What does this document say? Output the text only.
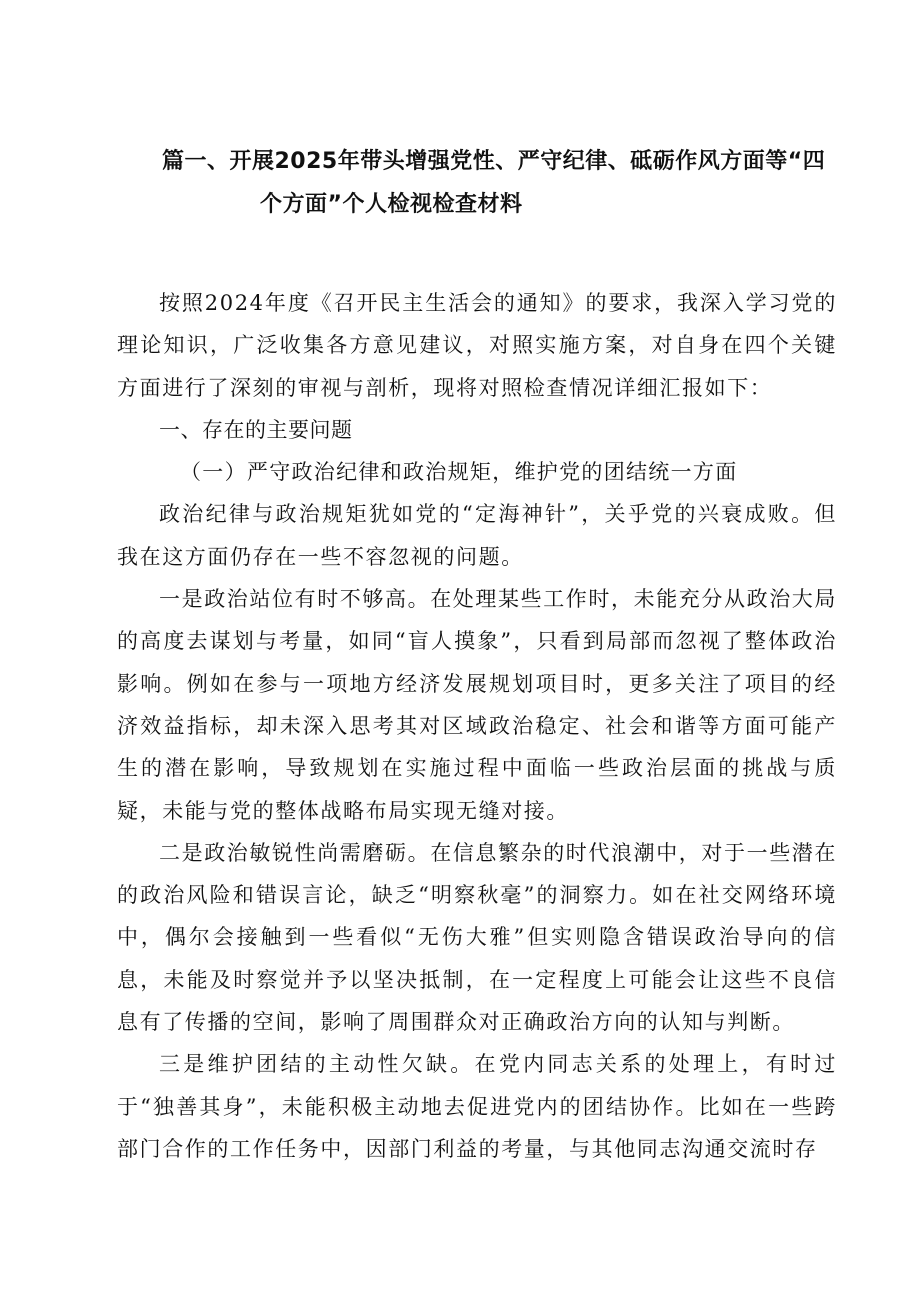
篇一、开展2025年带头增强党性、严守纪律、砥砺作风方面等“四
个方面”个人检视检查材料

按照2024年度《召开民主生活会的通知》的要求，我深入学习党的理论知识，广泛收集各方意见建议，对照实施方案，对自身在四个关键方面进行了深刻的审视与剖析，现将对照检查情况详细汇报如下：

一、存在的主要问题

（一）严守政治纪律和政治规矩，维护党的团结统一方面

政治纪律与政治规矩犹如党的“定海神针”，关乎党的兴衰成败。但我在这方面仍存在一些不容忽视的问题。

一是政治站位有时不够高。在处理某些工作时，未能充分从政治大局的高度去谋划与考量，如同“盲人摸象”，只看到局部而忽视了整体政治影响。例如在参与一项地方经济发展规划项目时，更多关注了项目的经济效益指标，却未深入思考其对区域政治稳定、社会和谐等方面可能产生的潜在影响，导致规划在实施过程中面临一些政治层面的挑战与质疑，未能与党的整体战略布局实现无缝对接。

二是政治敏锐性尚需磨砺。在信息繁杂的时代浪潮中，对于一些潜在的政治风险和错误言论，缺乏“明察秋毫”的洞察力。如在社交网络环境中，偶尔会接触到一些看似“无伤大雅”但实则隐含错误政治导向的信息，未能及时察觉并予以坚决抵制，在一定程度上可能会让这些不良信息有了传播的空间，影响了周围群众对正确政治方向的认知与判断。

三是维护团结的主动性欠缺。在党内同志关系的处理上，有时过于“独善其身”，未能积极主动地去促进党内的团结协作。比如在一些跨部门合作的工作任务中，因部门利益的考量，与其他同志沟通交流时存
